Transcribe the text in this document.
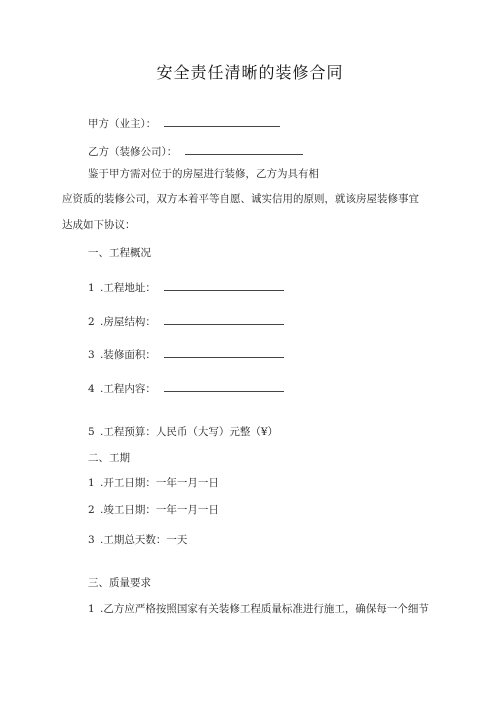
安全责任清晰的装修合同
甲方（业主）：
乙方（装修公司）：
鉴于甲方需对位于的房屋进行装修，乙方为具有相
应资质的装修公司，双方本着平等自愿、诚实信用的原则，就该房屋装修事宜
达成如下协议：
一、工程概况
1 .工程地址：
2 .房屋结构：
3 .装修面积：
4 .工程内容：
5 .工程预算：人民币（大写）元整（¥）
二、工期
1 .开工日期：一年一月一日
2 .竣工日期：一年一月一日
3 .工期总天数：一天
三、质量要求
1 .乙方应严格按照国家有关装修工程质量标准进行施工，确保每一个细节
